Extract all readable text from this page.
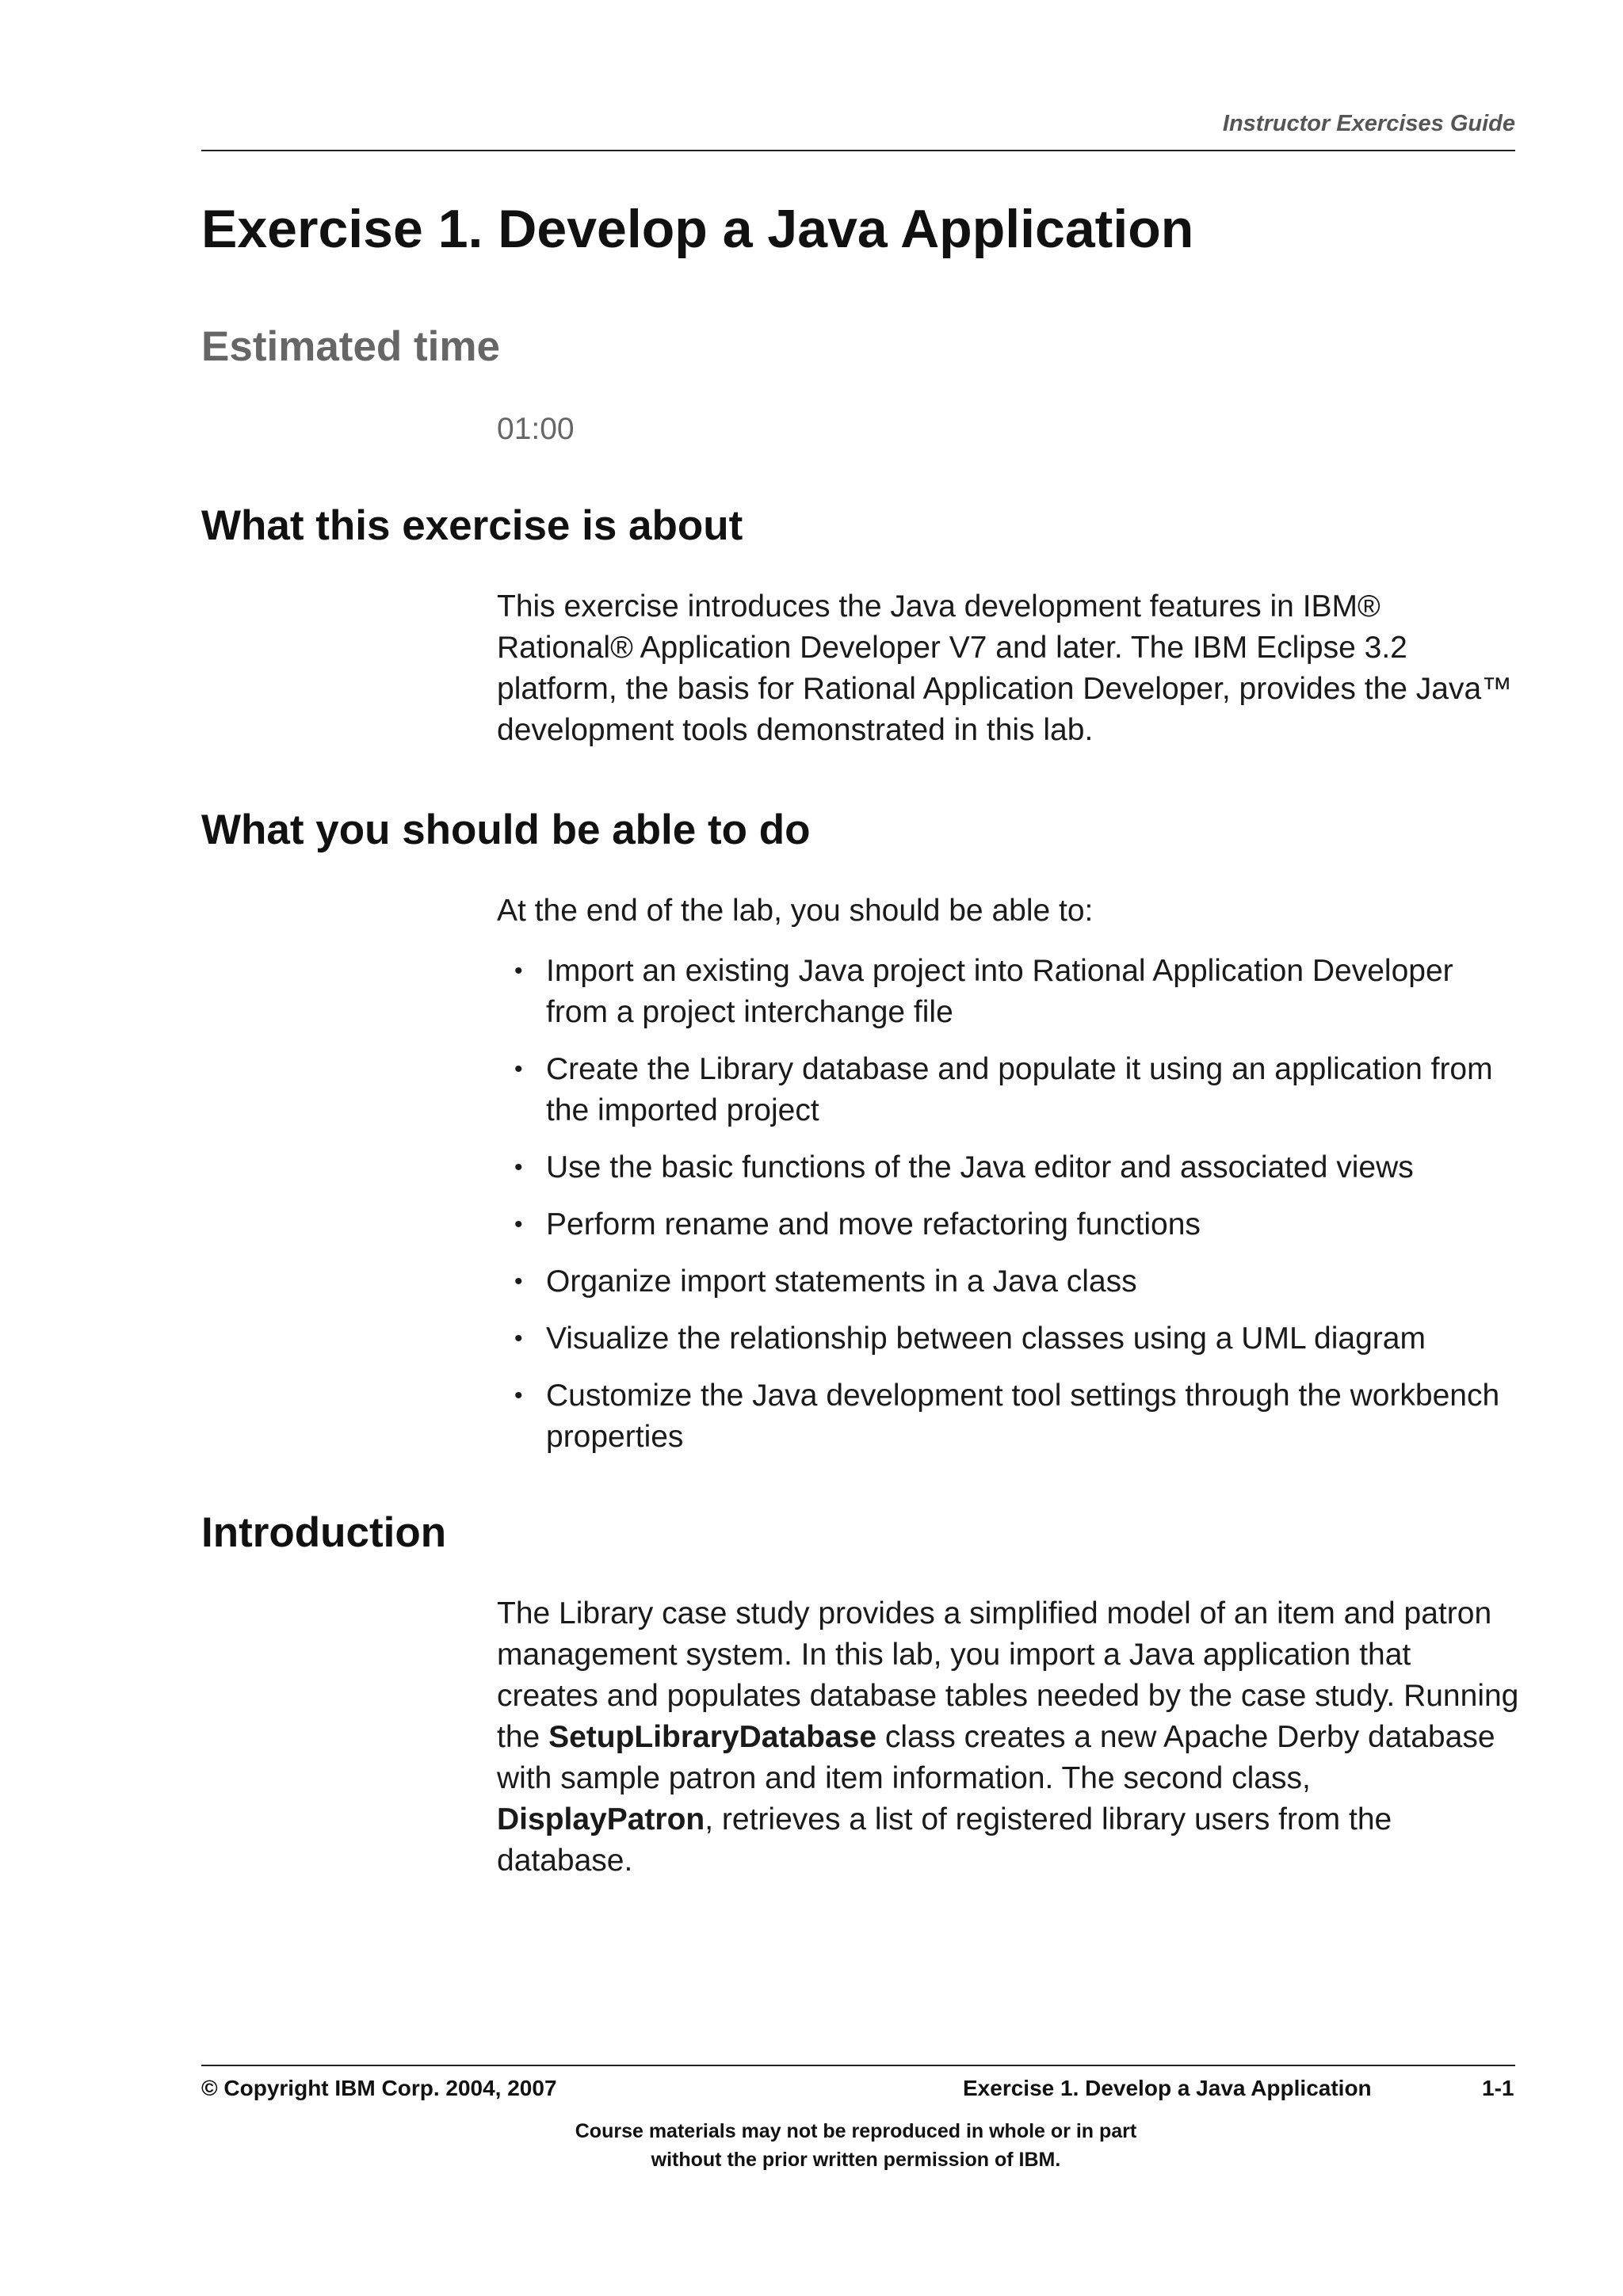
Instructor Exercises Guide
Exercise 1. Develop a Java Application
Estimated time
01:00
What this exercise is about

This exercise introduces the Java development features in IBM® Rational® Application Developer V7 and later. The IBM Eclipse 3.2 platform, the basis for Rational Application Developer, provides the Java™ development tools demonstrated in this lab.

What you should be able to do

At the end of the lab, you should be able to:

• Import an existing Java project into Rational Application Developer from a project interchange file
• Create the Library database and populate it using an application from the imported project
• Use the basic functions of the Java editor and associated views
• Perform rename and move refactoring functions
• Organize import statements in a Java class
• Visualize the relationship between classes using a UML diagram
• Customize the Java development tool settings through the workbench properties
Introduction

The Library case study provides a simplified model of an item and patron management system. In this lab, you import a Java application that creates and populates database tables needed by the case study. Running the SetupLibraryDatabase class creates a new Apache Derby database with sample patron and item information. The second class, DisplayPatron, retrieves a list of registered library users from the database.

© Copyright IBM Corp. 2004, 2007	Exercise 1. Develop a Java Application	1-1
Course materials may not be reproduced in whole or in part
without the prior written permission of IBM.
